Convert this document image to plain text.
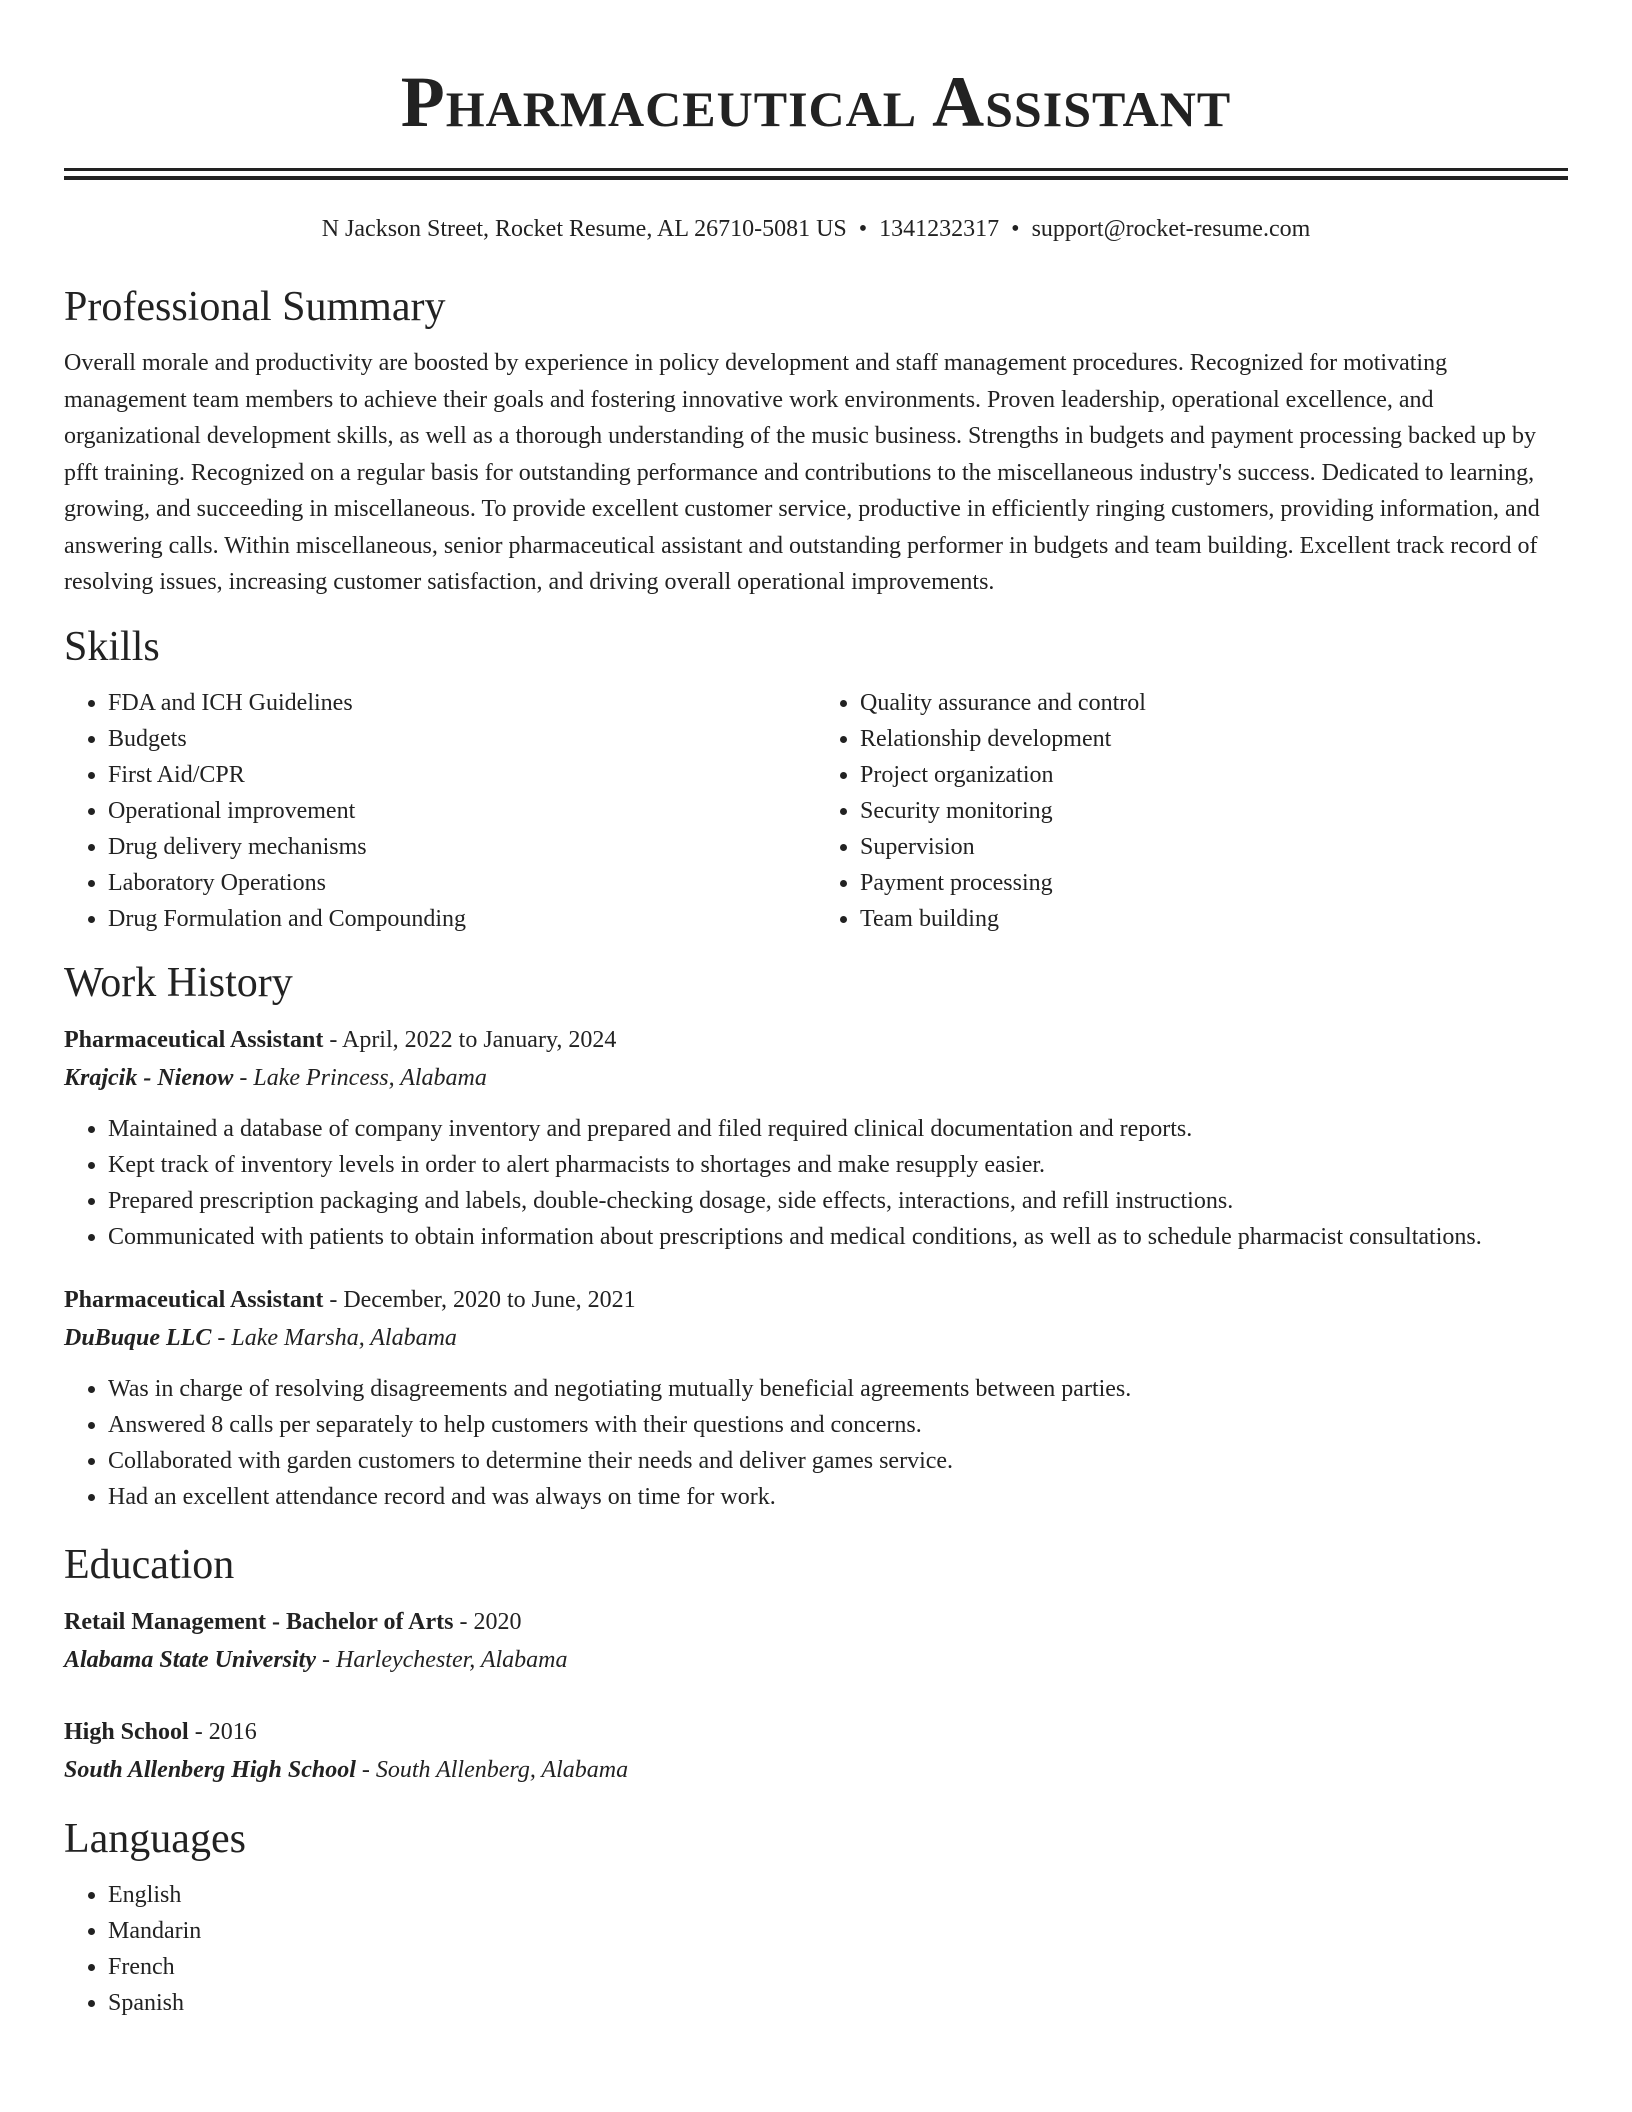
Pharmaceutical Assistant
N Jackson Street, Rocket Resume, AL 26710-5081 US • 1341232317 • support@rocket-resume.com
Professional Summary

Overall morale and productivity are boosted by experience in policy development and staff management procedures. Recognized for motivating management team members to achieve their goals and fostering innovative work environments. Proven leadership, operational excellence, and organizational development skills, as well as a thorough understanding of the music business. Strengths in budgets and payment processing backed up by pfft training. Recognized on a regular basis for outstanding performance and contributions to the miscellaneous industry's success. Dedicated to learning, growing, and succeeding in miscellaneous. To provide excellent customer service, productive in efficiently ringing customers, providing information, and answering calls. Within miscellaneous, senior pharmaceutical assistant and outstanding performer in budgets and team building. Excellent track record of resolving issues, increasing customer satisfaction, and driving overall operational improvements.

Skills
• FDA and ICH Guidelines
• Budgets
• First Aid/CPR
• Operational improvement
• Drug delivery mechanisms
• Laboratory Operations
• Drug Formulation and Compounding
• Quality assurance and control
• Relationship development
• Project organization
• Security monitoring
• Supervision
• Payment processing
• Team building
Work History
Pharmaceutical Assistant - April, 2022 to January, 2024
Krajcik - Nienow - Lake Princess, Alabama
• Maintained a database of company inventory and prepared and filed required clinical documentation and reports.
• Kept track of inventory levels in order to alert pharmacists to shortages and make resupply easier.
• Prepared prescription packaging and labels, double-checking dosage, side effects, interactions, and refill instructions.
• Communicated with patients to obtain information about prescriptions and medical conditions, as well as to schedule pharmacist consultations.
Pharmaceutical Assistant - December, 2020 to June, 2021
DuBuque LLC - Lake Marsha, Alabama
• Was in charge of resolving disagreements and negotiating mutually beneficial agreements between parties.
• Answered 8 calls per separately to help customers with their questions and concerns.
• Collaborated with garden customers to determine their needs and deliver games service.
• Had an excellent attendance record and was always on time for work.
Education
Retail Management - Bachelor of Arts - 2020
Alabama State University - Harleychester, Alabama
High School - 2016
South Allenberg High School - South Allenberg, Alabama
Languages
• English
• Mandarin
• French
• Spanish
